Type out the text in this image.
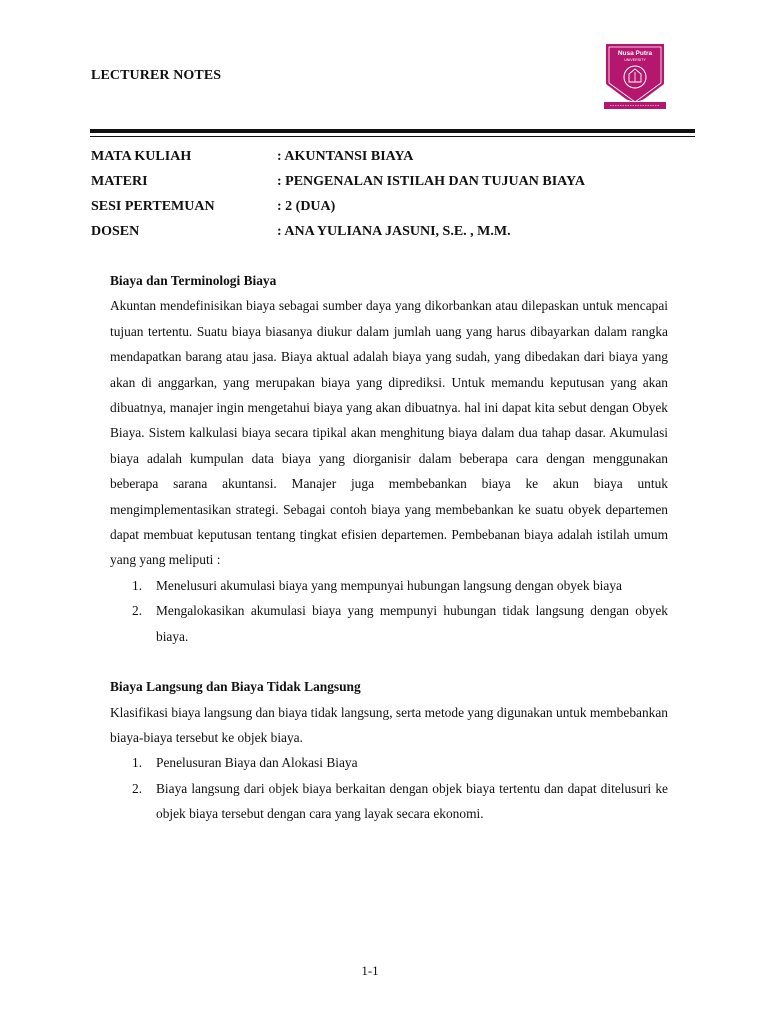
LECTURER NOTES
Nusa Putra
UNIVERSITY
MATA KULIAH	: AKUNTANSI BIAYA
MATERI	: PENGENALAN ISTILAH DAN TUJUAN BIAYA
SESI PERTEMUAN	: 2 (DUA)
DOSEN	: ANA YULIANA JASUNI, S.E. , M.M.
Biaya dan Terminologi Biaya

Akuntan mendefinisikan biaya sebagai sumber daya yang dikorbankan atau dilepaskan untuk mencapai tujuan tertentu. Suatu biaya biasanya diukur dalam jumlah uang yang harus dibayarkan dalam rangka mendapatkan barang atau jasa. Biaya aktual adalah biaya yang sudah, yang dibedakan dari biaya yang akan di anggarkan, yang merupakan biaya yang diprediksi. Untuk memandu keputusan yang akan dibuatnya, manajer ingin mengetahui biaya yang akan dibuatnya. hal ini dapat kita sebut dengan Obyek Biaya. Sistem kalkulasi biaya secara tipikal akan menghitung biaya dalam dua tahap dasar. Akumulasi biaya adalah kumpulan data biaya yang diorganisir dalam beberapa cara dengan menggunakan beberapa sarana akuntansi. Manajer juga membebankan biaya ke akun biaya untuk mengimplementasikan strategi. Sebagai contoh biaya yang membebankan ke suatu obyek departemen dapat membuat keputusan tentang tingkat efisien departemen. Pembebanan biaya adalah istilah umum yang yang meliputi :

1.	Menelusuri akumulasi biaya yang mempunyai hubungan langsung dengan obyek biaya
2.	Mengalokasikan akumulasi biaya yang mempunyi hubungan tidak langsung dengan obyek biaya.
Biaya Langsung dan Biaya Tidak Langsung

Klasifikasi biaya langsung dan biaya tidak langsung, serta metode yang digunakan untuk membebankan biaya-biaya tersebut ke objek biaya.

1.	Penelusuran Biaya dan Alokasi Biaya
2.	Biaya langsung dari objek biaya berkaitan dengan objek biaya tertentu dan dapat ditelusuri ke objek biaya tersebut dengan cara yang layak secara ekonomi.
1-1
